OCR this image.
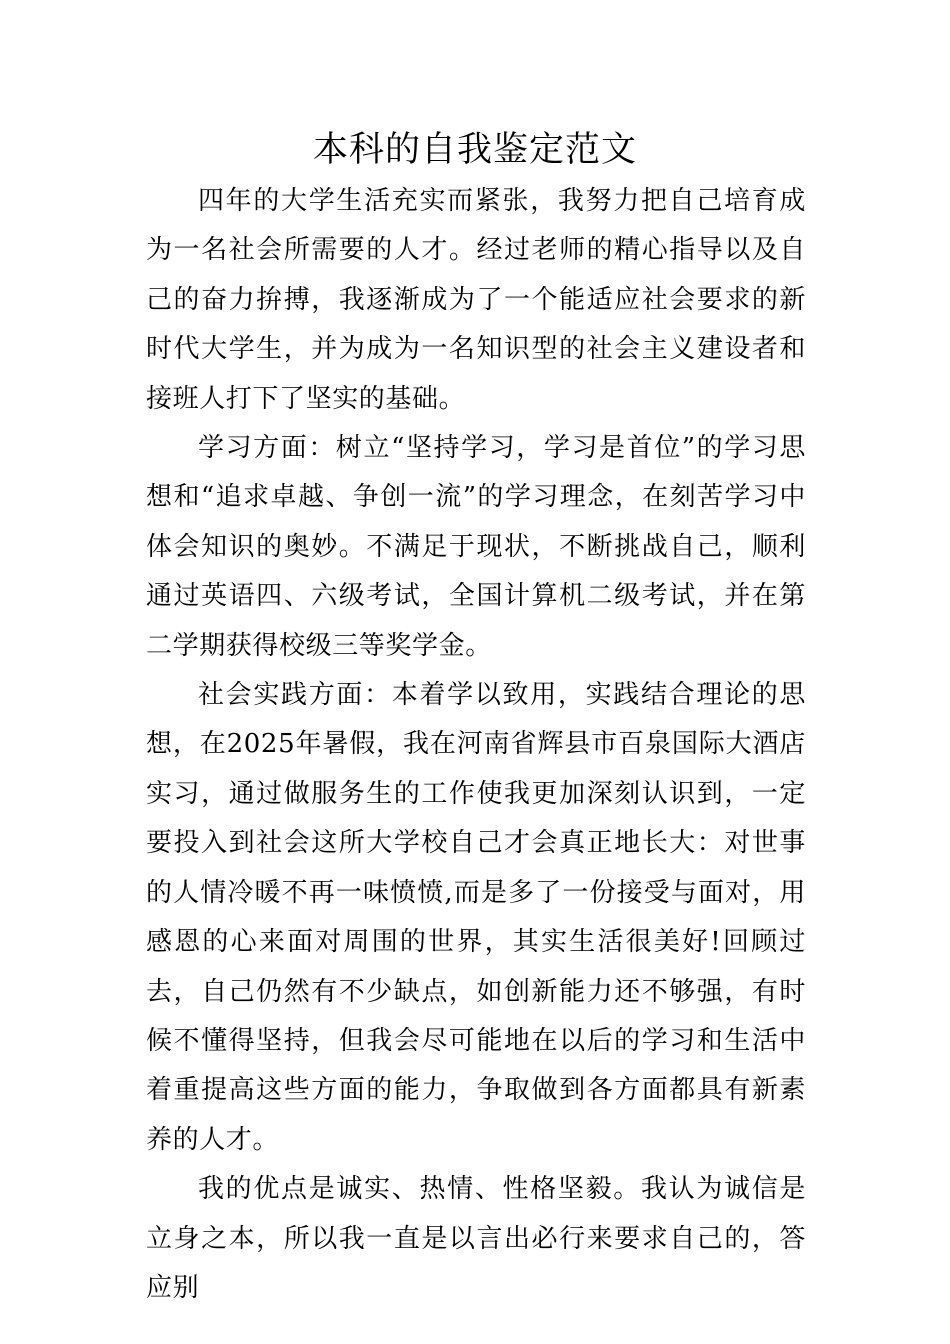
本科的自我鉴定范文

四年的大学生活充实而紧张，我努力把自己培育成为一名社会所需要的人才。经过老师的精心指导以及自己的奋力拚搏，我逐渐成为了一个能适应社会要求的新时代大学生，并为成为一名知识型的社会主义建设者和接班人打下了坚实的基础。

学习方面：树立“坚持学习，学习是首位”的学习思想和“追求卓越、争创一流”的学习理念，在刻苦学习中体会知识的奥妙。不满足于现状，不断挑战自己，顺利通过英语四、六级考试，全国计算机二级考试，并在第二学期获得校级三等奖学金。

社会实践方面：本着学以致用，实践结合理论的思想，在2025年暑假，我在河南省辉县市百泉国际大酒店实习，通过做服务生的工作使我更加深刻认识到，一定要投入到社会这所大学校自己才会真正地长大：对世事的人情冷暖不再一味愤愤,而是多了一份接受与面对，用感恩的心来面对周围的世界，其实生活很美好!回顾过去，自己仍然有不少缺点，如创新能力还不够强，有时候不懂得坚持，但我会尽可能地在以后的学习和生活中着重提高这些方面的能力，争取做到各方面都具有新素养的人才。

我的优点是诚实、热情、性格坚毅。我认为诚信是立身之本，所以我一直是以言出必行来要求自己的，答应别
